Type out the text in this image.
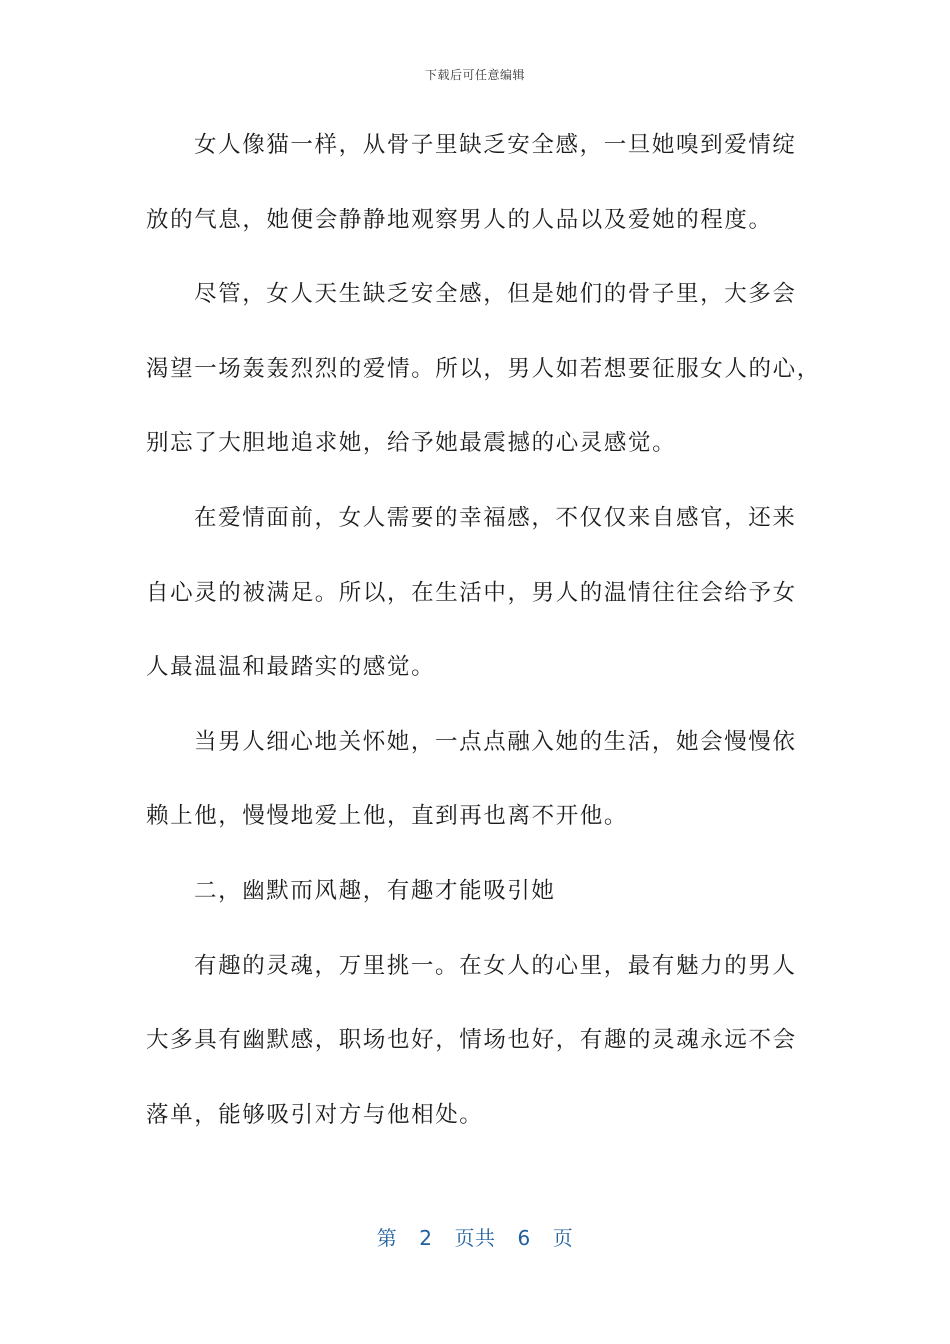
下载后可任意编辑
女人像猫一样，从骨子里缺乏安全感，一旦她嗅到爱情绽
放的气息，她便会静静地观察男人的人品以及爱她的程度。
尽管，女人天生缺乏安全感，但是她们的骨子里，大多会
渴望一场轰轰烈烈的爱情。所以，男人如若想要征服女人的心，
别忘了大胆地追求她，给予她最震撼的心灵感觉。
在爱情面前，女人需要的幸福感，不仅仅来自感官，还来
自心灵的被满足。所以，在生活中，男人的温情往往会给予女
人最温温和最踏实的感觉。
当男人细心地关怀她，一点点融入她的生活，她会慢慢依
赖上他，慢慢地爱上他，直到再也离不开他。
二，幽默而风趣，有趣才能吸引她
有趣的灵魂，万里挑一。在女人的心里，最有魅力的男人
大多具有幽默感，职场也好，情场也好，有趣的灵魂永远不会
落单，能够吸引对方与他相处。
第 2 页共 6 页
